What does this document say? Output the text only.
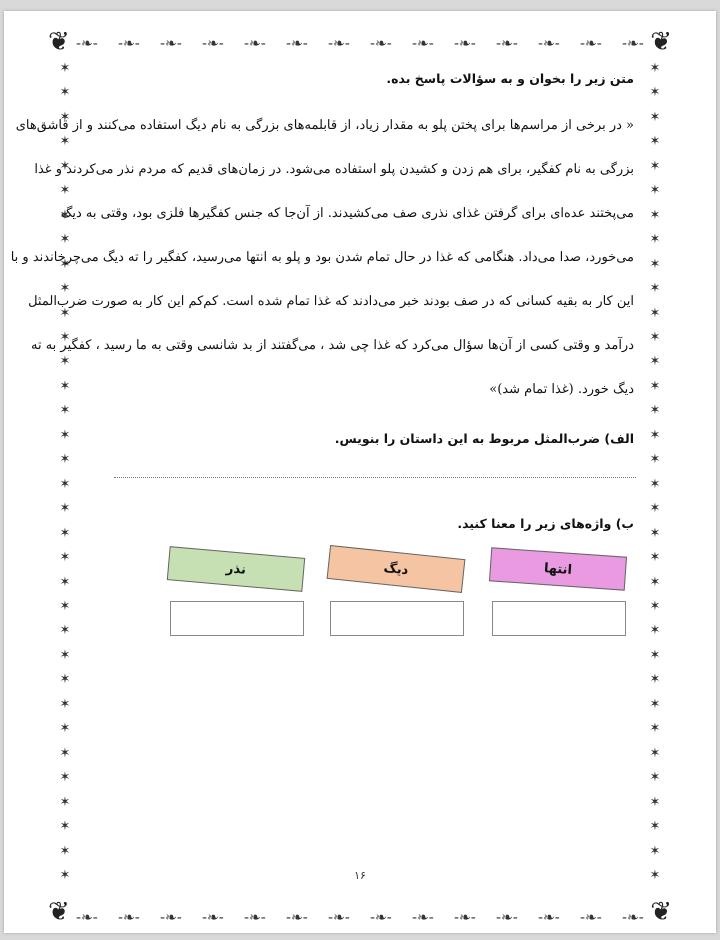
❦	❦
❦	❦
-❧-
-❧-
-❧-
-❧-
-❧-
-❧-
-❧-
-❧-
-❧-
-❧-
-❧-
-❧-
-❧-
-❧-
-❧-
-❧-
-❧-
-❧-
-❧-
-❧-
-❧-
-❧-
-❧-
-❧-
-❧-
-❧-
-❧-
-❧-
✶
✶
✶
✶
✶
✶
✶
✶
✶
✶
✶
✶
✶
✶
✶
✶
✶
✶
✶
✶
✶
✶
✶
✶
✶
✶
✶
✶
✶
✶
✶
✶
✶
✶
✶
✶
✶
✶
✶
✶
✶
✶
✶
✶
✶
✶
✶
✶
✶
✶
✶
✶
✶
✶
✶
✶
✶
✶
✶
✶
✶
✶
✶
✶
✶
✶
✶
✶
متن زیر را بخوان و به سؤالات پاسخ بده.
« در برخی از مراسم‌ها برای پختن پلو به مقدار زیاد، از قابلمه‌های بزرگی به نام دیگ استفاده می‌کنند و از قاشق‌های
بزرگی به نام کفگیر، برای هم زدن و کشیدن پلو استفاده می‌شود. در زمان‌های قدیم که مردم نذر می‌کردند و غذا
می‌پختند عده‌ای برای گرفتن غذای نذری صف می‌کشیدند. از آن‌جا که جنس کفگیرها فلزی بود، وقتی به دیگ
می‌خورد، صدا می‌داد. هنگامی که غذا در حال تمام شدن بود و پلو به انتها می‌رسید، کفگیر را ته دیگ می‌چرخاندند و با
این کار به بقیه کسانی که در صف بودند خبر می‌دادند که غذا تمام شده است. کم‌کم این کار به صورت ضرب‌المثل
درآمد و وقتی کسی از آن‌ها سؤال می‌کرد که غذا چی شد ، می‌گفتند از بد شانسی وقتی به ما رسید ، کفگیر به ته
دیگ خورد. (غذا تمام شد)»
الف) ضرب‌المثل مربوط به این داستان را بنویس.
ب) واژه‌های زیر را معنا کنید.
انتها
دیگ
نذر
۱۶
